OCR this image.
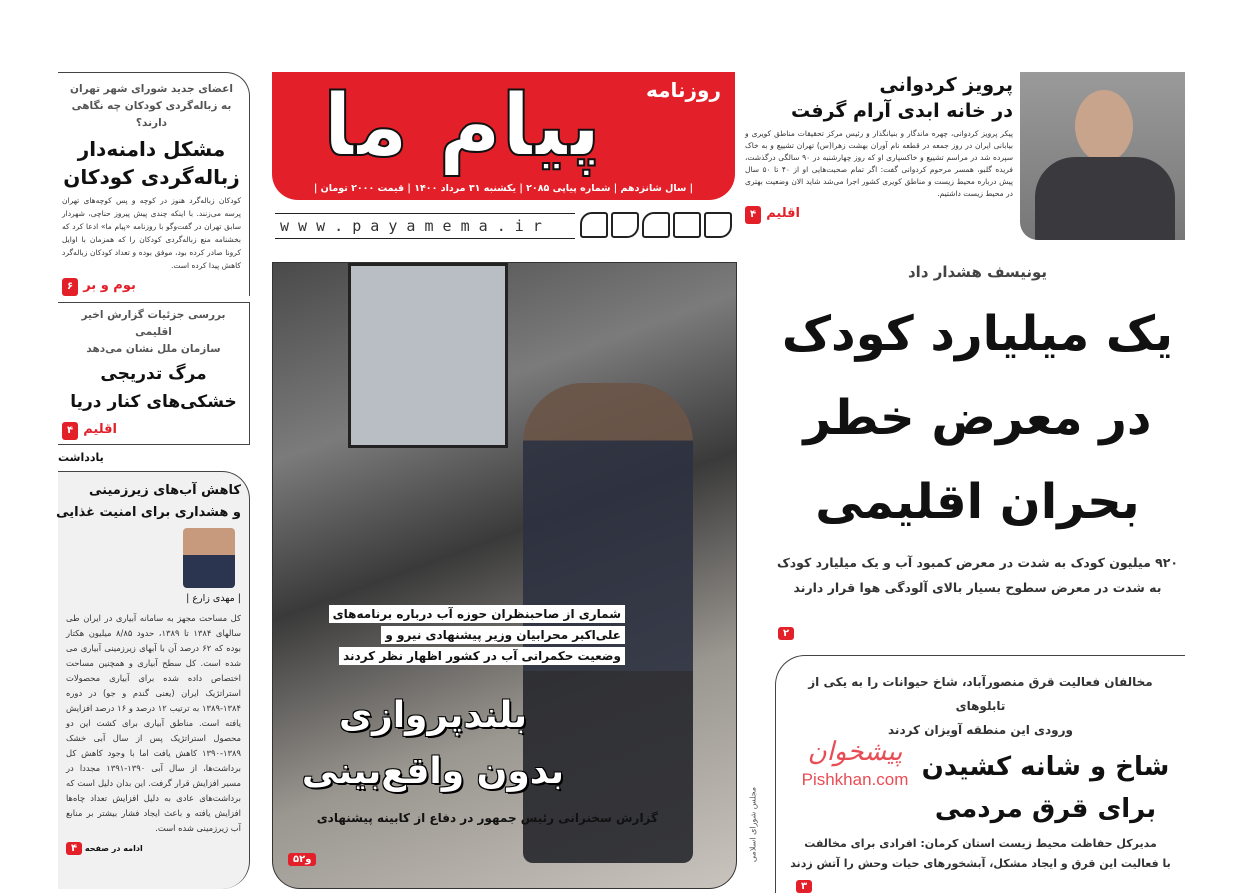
روزنامه
پیام ما
| سال شانزدهم | شماره پیاپی ۲۰۸۵ | یکشنبه ۳۱ مرداد ۱۴۰۰ | قیمت ۲۰۰۰ تومان |
w w w . p a y a m e m a . i r
شماری از صاحبنظران حوزه آب درباره برنامه‌های
علی‌اکبر محرابیان وزیر پیشنهادی نیرو و
وضعیت حکمرانی آب در کشور اظهار نظر کردند
بلندپروازی
بدون واقع‌بینی
گزارش سخنرانی رئیس جمهور در دفاع از کابینه پیشنهادی
۵و۲
پرویز کردوانی
در خانه ابدی آرام گرفت
پیکر پرویز کردوانی، چهره ماندگار و بنیانگذار و رئیس مرکز تحقیقات مناطق کویری و بیابانی ایران در روز جمعه در قطعه نام آوران بهشت زهرا(س) تهران تشییع و به خاک سپرده شد در مراسم تشییع و خاکسپاری او که روز چهارشنبه در ۹۰ سالگی درگذشت، فریده گلبو، همسر مرحوم کردوانی گفت: اگر تمام صحبت‌هایی او از ۴۰ تا ۵۰ سال پیش درباره محیط زیست و مناطق کویری کشور اجرا می‌شد شاید الان وضعیت بهتری در محیط زیست داشتیم.
اقلیم ۴
یونیسف هشدار داد
یک میلیارد کودک
در معرض خطر
بحران اقلیمی
۹۲۰ میلیون کودک به شدت در معرض کمبود آب و یک میلیارد کودک
به شدت در معرض سطوح بسیار بالای آلودگی هوا قرار دارند
۲
مخالفان فعالیت قرق منصورآباد، شاخ حیوانات را به یکی از تابلوهای
ورودی این منطقه آویزان کردند
شاخ و شانه کشیدن
برای قرق مردمی
مدیرکل حفاظت محیط زیست استان کرمان: افرادی برای مخالفت
با فعالیت این قرق و ایجاد مشکل، آبشخورهای حیات وحش را آتش زدند
۳
پیشخوان
Pishkhan.com
مجلس شورای اسلامی
اعضای جدید شورای شهر تهران
به زباله‌گردی کودکان چه نگاهی دارند؟
مشکل دامنه‌دار
زباله‌گردی کودکان
کودکان زباله‌گرد هنوز در کوچه و پس کوچه‌های تهران پرسه می‌زنند. با اینکه چندی پیش پیروز حناچی، شهردار سابق تهران در گفت‌وگو با روزنامه «پیام ما» ادعا کرد که بخشنامه منع زباله‌گردی کودکان را که همزمان با اوایل کرونا صادر کرده بود، موفق بوده و تعداد کودکان زباله‌گرد کاهش پیدا کرده است.
بوم و بر ۶
بررسی جزئیات گزارش اخیر اقلیمی
سازمان ملل نشان می‌دهد
مرگ تدریجی
خشکی‌های کنار دریا
اقلیم ۴
یادداشت
کاهش آب‌های زیرزمینی
و هشداری برای امنیت غذایی
| مهدی زارع |
کل مساحت مجهز به سامانه آبیاری در ایران طی سالهای ۱۳۸۴ تا ۱۳۸۹، حدود ۸/۸۵ میلیون هکتار بوده که ۶۲ درصد آن با آبهای زیرزمینی آبیاری می شده است. کل سطح آبیاری و همچنین مساحت اختصاص داده شده برای آبیاری محصولات استراتژیک ایران (یعنی گندم و جو) در دوره ۱۳۸۴-۱۳۸۹ به ترتیب ۱۲ درصد و ۱۶ درصد افزایش یافته است. مناطق آبیاری برای کشت این دو محصول استراتژیک پس از سال آبی خشک ۱۳۸۹-۱۳۹۰ کاهش یافت اما با وجود کاهش کل برداشت‌ها، از سال آبی ۱۳۹۰-۱۳۹۱ مجددا در مسیر افزایش قرار گرفت. این بدان دلیل است که برداشت‌های عادی به دلیل افزایش تعداد چاه‌ها افزایش یافته و باعث ایجاد فشار بیشتر بر منابع آب زیرزمینی شده است.
ادامه در صفحه ۴
